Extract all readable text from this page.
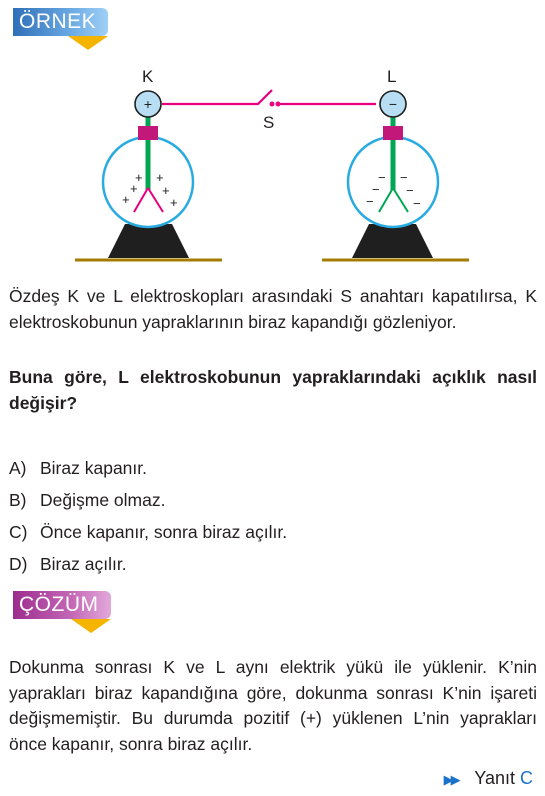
ÖRNEK
+
+ +
+ +
+	+
−
− −
− −
−	−
K	L
S
Özdeş K ve L elektroskopları arasındaki S anahtarı kapatılırsa, K elektroskobunun yapraklarının biraz kapandığı gözleniyor.
Buna göre, L elektroskobunun yapraklarındaki açıklık nasıl değişir?
A) Biraz kapanır.
B) Değişme olmaz.
C) Önce kapanır, sonra biraz açılır.
D) Biraz açılır.
ÇÖZÜM
Dokunma sonrası K ve L aynı elektrik yükü ile yüklenir. K’nin yaprakları biraz kapandığına göre, dokunma sonrası K’nin işareti değişmemiştir. Bu durumda pozitif (+) yüklenen L’nin yaprakları önce kapanır, sonra biraz açılır.
▶▶ Yanıt C
